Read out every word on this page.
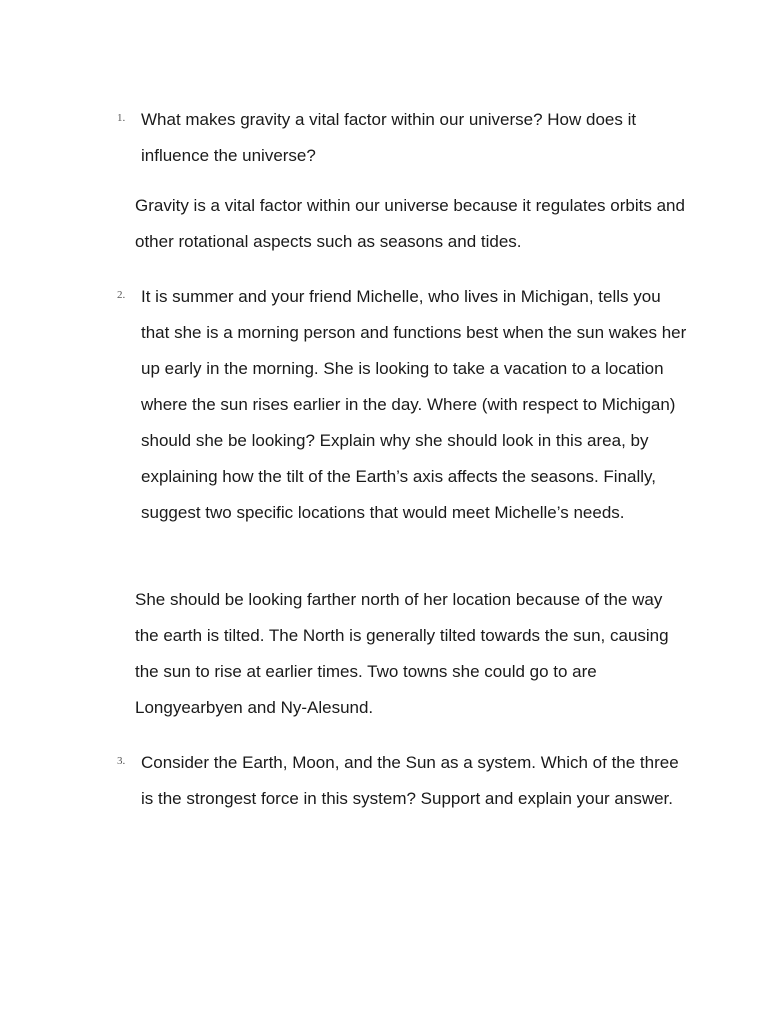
1. What makes gravity a vital factor within our universe? How does it influence the universe?
Gravity is a vital factor within our universe because it regulates orbits and other rotational aspects such as seasons and tides.
2. It is summer and your friend Michelle, who lives in Michigan, tells you that she is a morning person and functions best when the sun wakes her up early in the morning. She is looking to take a vacation to a location where the sun rises earlier in the day. Where (with respect to Michigan) should she be looking? Explain why she should look in this area, by explaining how the tilt of the Earth’s axis affects the seasons. Finally, suggest two specific locations that would meet Michelle’s needs.
She should be looking farther north of her location because of the way the earth is tilted. The North is generally tilted towards the sun, causing the sun to rise at earlier times. Two towns she could go to are Longyearbyen and Ny-Alesund.
3. Consider the Earth, Moon, and the Sun as a system. Which of the three is the strongest force in this system? Support and explain your answer.
